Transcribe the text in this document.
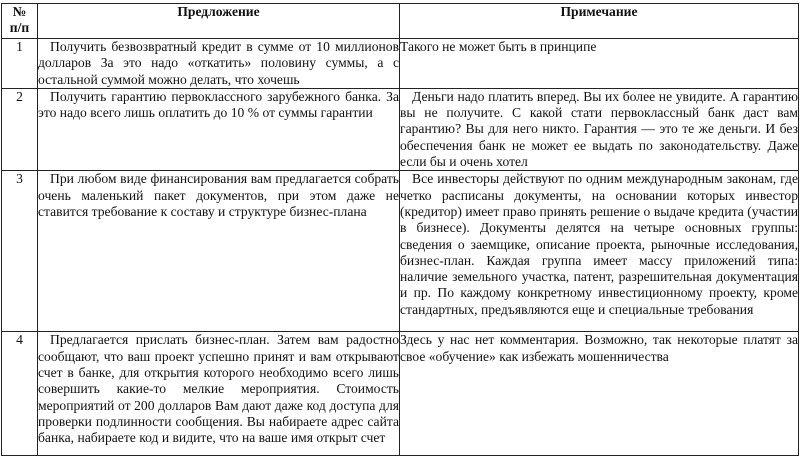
№
п/п	Предложение	Примечание
1	Получить безвозвратный кредит в сумме от 10 миллионов долларов За это надо «откатить» половину суммы, а с остальной суммой можно делать, что хочешь	Такого не может быть в принципе

2	Получить гарантию первоклассного зарубежного банка. За это надо всего лишь оплатить до 10 % от суммы гарантии	Деньги надо платить вперед. Вы их более не увидите. А гарантию вы не получите. С какой стати первоклассный банк даст вам гарантию? Вы для него никто. Гарантия — это те же деньги. И без обеспечения банк не может ее выдать по законодательству. Даже если бы и очень хотел

3	При любом виде финансирования вам предлагается собрать очень маленький пакет документов, при этом даже не ставится требование к составу и структуре бизнес-плана	Все инвесторы действуют по одним международным законам, где четко расписаны документы, на основании которых инвестор (кредитор) имеет право принять решение о выдаче кредита (участии в бизнесе). Документы делятся на четыре основных группы: сведения о заемщике, описание проекта, рыночные исследования, бизнес-план. Каждая группа имеет массу приложений типа: наличие земельного участка, патент, разрешительная документация и пр. По каждому конкретному инвестиционному проекту, кроме стандартных, предъявляются еще и специальные требования

4	Предлагается прислать бизнес-план. Затем вам радостно сообщают, что ваш проект успешно принят и вам открывают счет в банке, для открытия которого необходимо всего лишь совершить какие-то мелкие мероприятия. Стоимость мероприятий от 200 долларов Вам дают даже код доступа для проверки подлинности сообщения. Вы набираете адрес сайта банка, набираете код и видите, что на ваше имя открыт счет	Здесь у нас нет комментария. Возможно, так некоторые платят за свое «обучение» как избежать мошенничества
